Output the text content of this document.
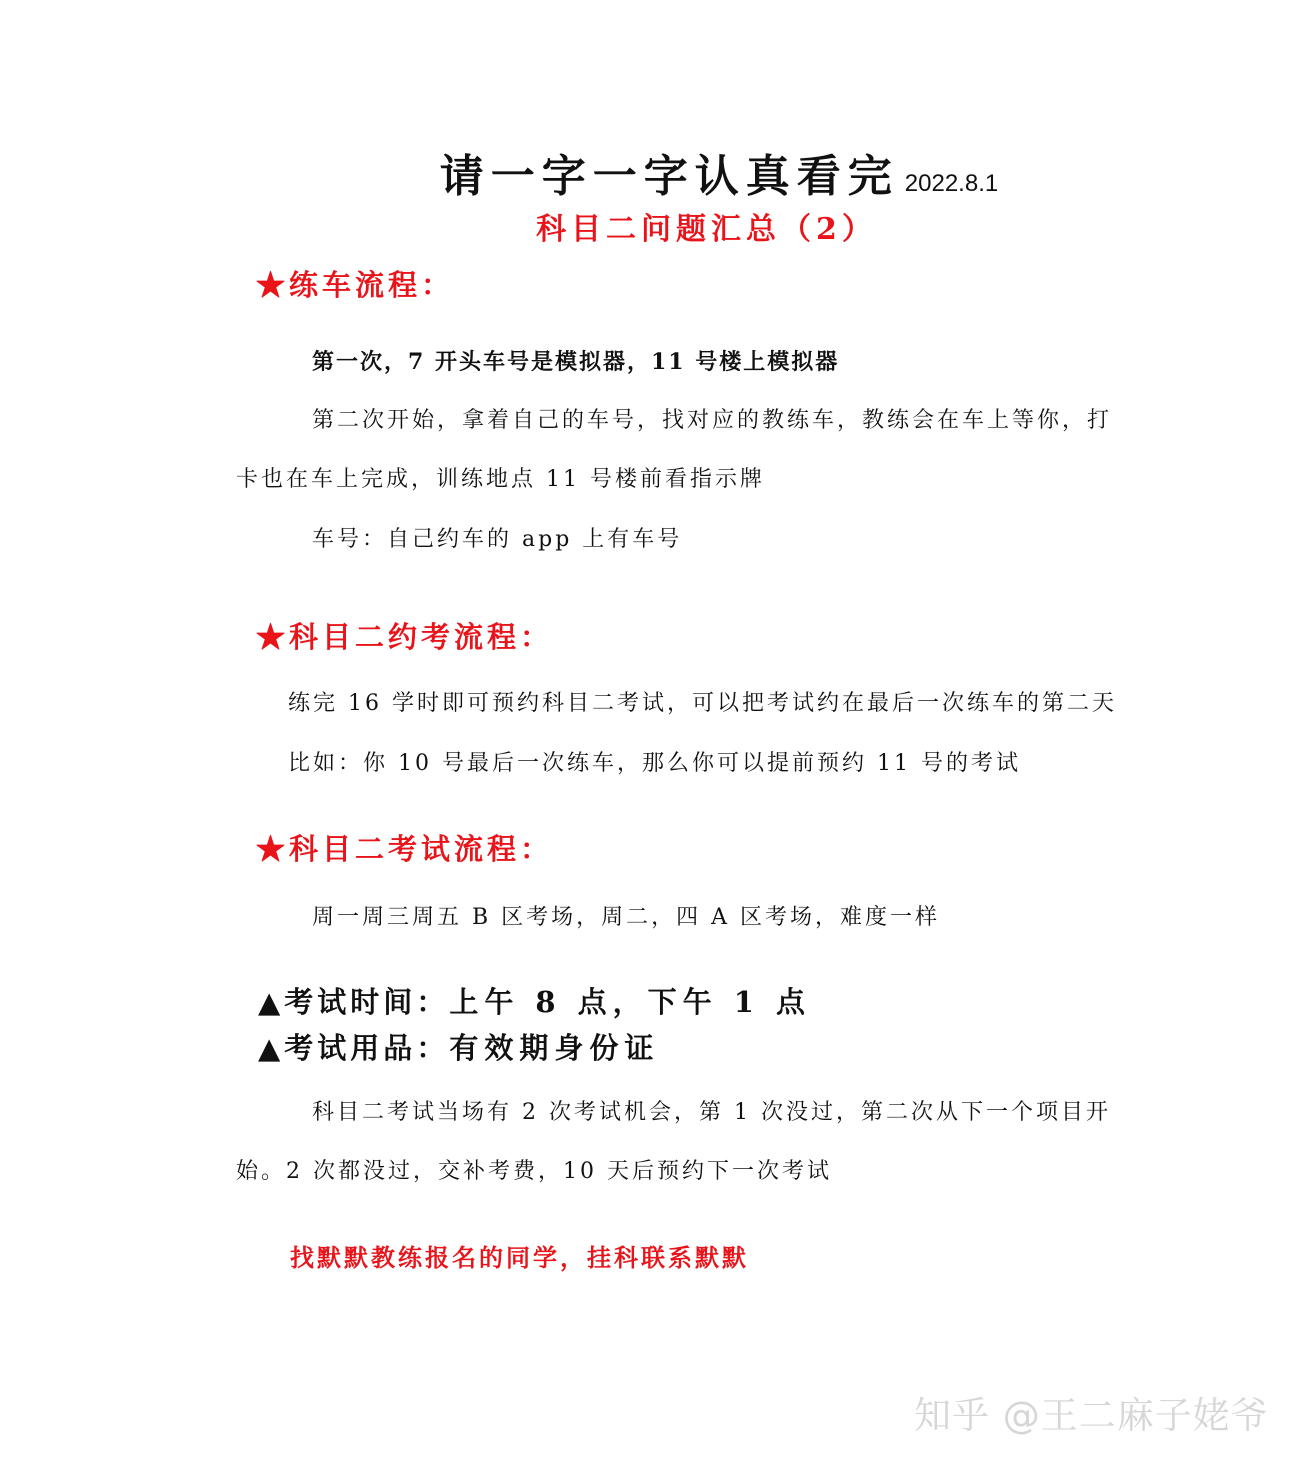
请一字一字认真看完 2022.8.1
科目二问题汇总（2）
★练车流程：
第一次，7 开头车号是模拟器，11 号楼上模拟器
第二次开始，拿着自己的车号，找对应的教练车，教练会在车上等你，打
卡也在车上完成，训练地点 11 号楼前看指示牌
车号：自己约车的 app 上有车号
★科目二约考流程：
练完 16 学时即可预约科目二考试，可以把考试约在最后一次练车的第二天
比如：你 10 号最后一次练车，那么你可以提前预约 11 号的考试
★科目二考试流程：
周一周三周五 B 区考场，周二，四 A 区考场，难度一样
▲考试时间：上午 8 点，下午 1 点
▲考试用品：有效期身份证
科目二考试当场有 2 次考试机会，第 1 次没过，第二次从下一个项目开
始。2 次都没过，交补考费，10 天后预约下一次考试
找默默教练报名的同学，挂科联系默默
知乎 @王二麻子姥爷
